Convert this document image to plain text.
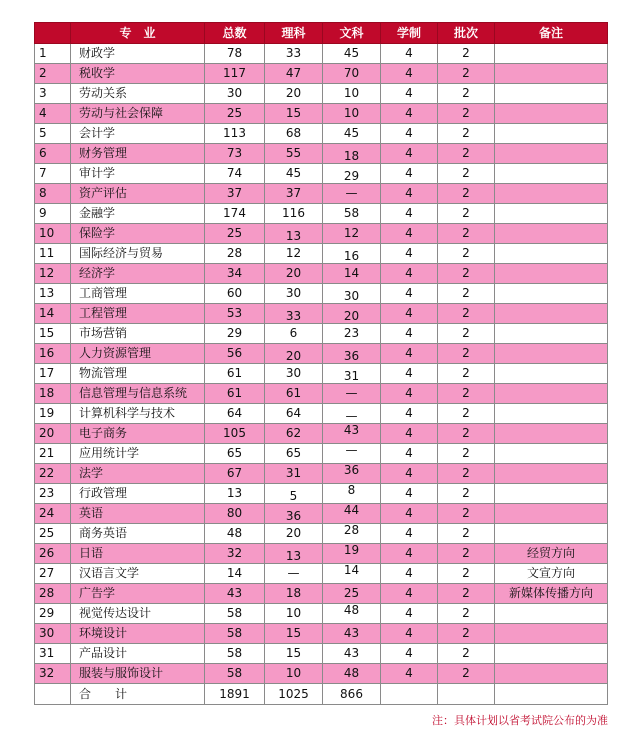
	专　业	总数	理科	文科	学制	批次	备注
1	财政学	78	33	45	4	2	
2	税收学	117	47	70	4	2	
3	劳动关系	30	20	10	4	2	
4	劳动与社会保障	25	15	10	4	2	
5	会计学	113	68	45	4	2	
6	财务管理	73	55	18	4	2	
7	审计学	74	45	29	4	2	
8	资产评估	37	37	—	4	2	
9	金融学	174	116	58	4	2	
10	保险学	25	13	12	4	2	
11	国际经济与贸易	28	12	16	4	2	
12	经济学	34	20	14	4	2	
13	工商管理	60	30	30	4	2	
14	工程管理	53	33	20	4	2	
15	市场营销	29	6	23	4	2	
16	人力资源管理	56	20	36	4	2	
17	物流管理	61	30	31	4	2	
18	信息管理与信息系统	61	61	—	4	2	
19	计算机科学与技术	64	64	—	4	2	
20	电子商务	105	62	43	4	2	
21	应用统计学	65	65	—	4	2	
22	法学	67	31	36	4	2	
23	行政管理	13	5	8	4	2	
24	英语	80	36	44	4	2	
25	商务英语	48	20	28	4	2	
26	日语	32	13	19	4	2	经贸方向
27	汉语言文学	14	—	14	4	2	文宣方向
28	广告学	43	18	25	4	2	新媒体传播方向
29	视觉传达设计	58	10	48	4	2	
30	环境设计	58	15	43	4	2	
31	产品设计	58	15	43	4	2	
32	服装与服饰设计	58	10	48	4	2	
	合　　计	1891	1025	866			
注：具体计划以省考试院公布的为准
